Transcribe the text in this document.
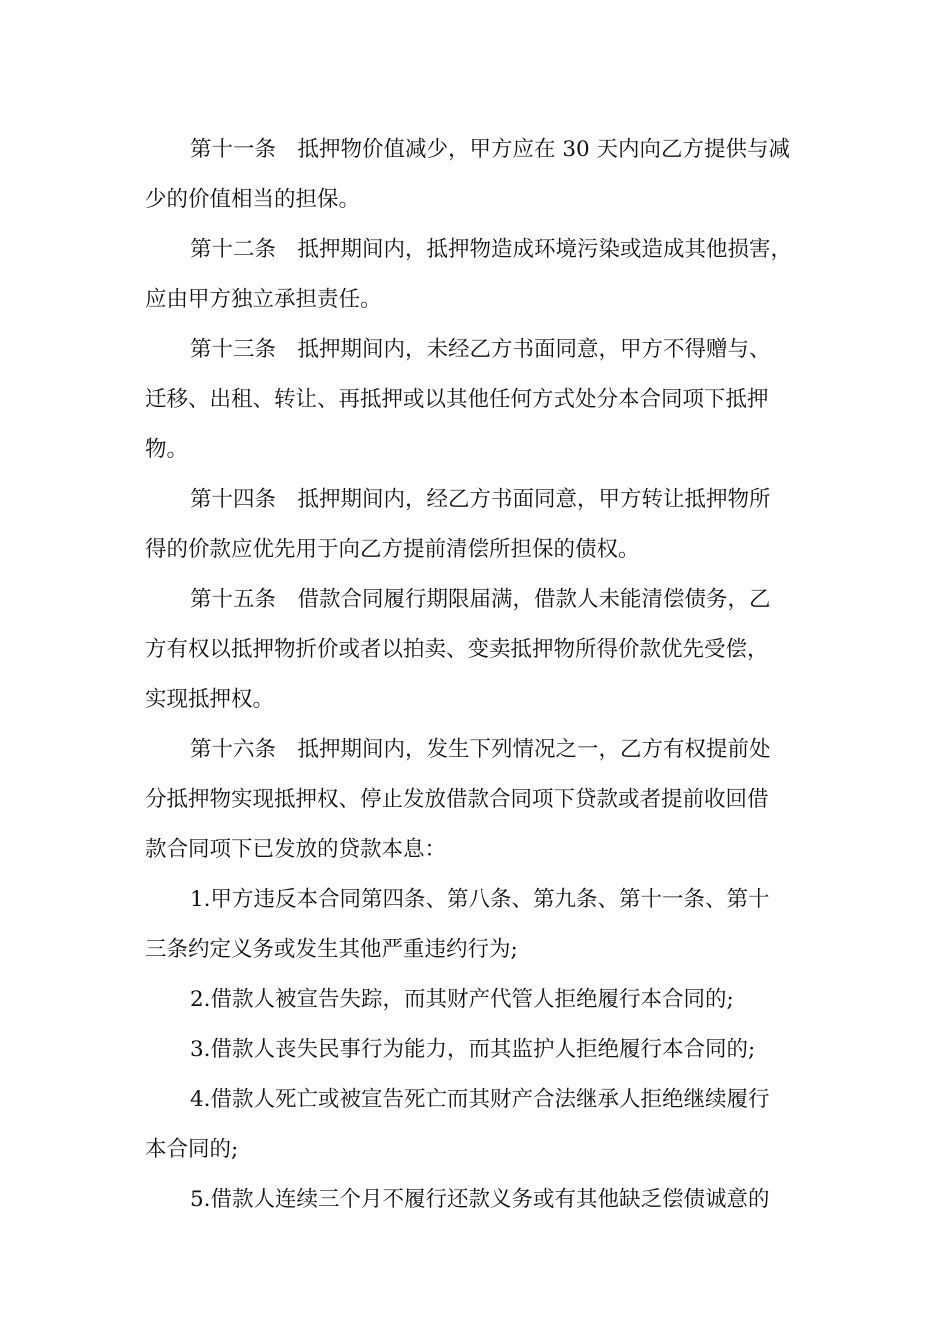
第十一条　抵押物价值减少，甲方应在 30 天内向乙方提供与减
少的价值相当的担保。
第十二条　抵押期间内，抵押物造成环境污染或造成其他损害，
应由甲方独立承担责任。
第十三条　抵押期间内，未经乙方书面同意，甲方不得赠与、
迁移、出租、转让、再抵押或以其他任何方式处分本合同项下抵押
物。
第十四条　抵押期间内，经乙方书面同意，甲方转让抵押物所
得的价款应优先用于向乙方提前清偿所担保的债权。
第十五条　借款合同履行期限届满，借款人未能清偿债务，乙
方有权以抵押物折价或者以拍卖、变卖抵押物所得价款优先受偿，
实现抵押权。
第十六条　抵押期间内，发生下列情况之一，乙方有权提前处
分抵押物实现抵押权、停止发放借款合同项下贷款或者提前收回借
款合同项下已发放的贷款本息：
1.甲方违反本合同第四条、第八条、第九条、第十一条、第十
三条约定义务或发生其他严重违约行为;
2.借款人被宣告失踪，而其财产代管人拒绝履行本合同的;
3.借款人丧失民事行为能力，而其监护人拒绝履行本合同的;
4.借款人死亡或被宣告死亡而其财产合法继承人拒绝继续履行
本合同的;
5.借款人连续三个月不履行还款义务或有其他缺乏偿债诚意的
